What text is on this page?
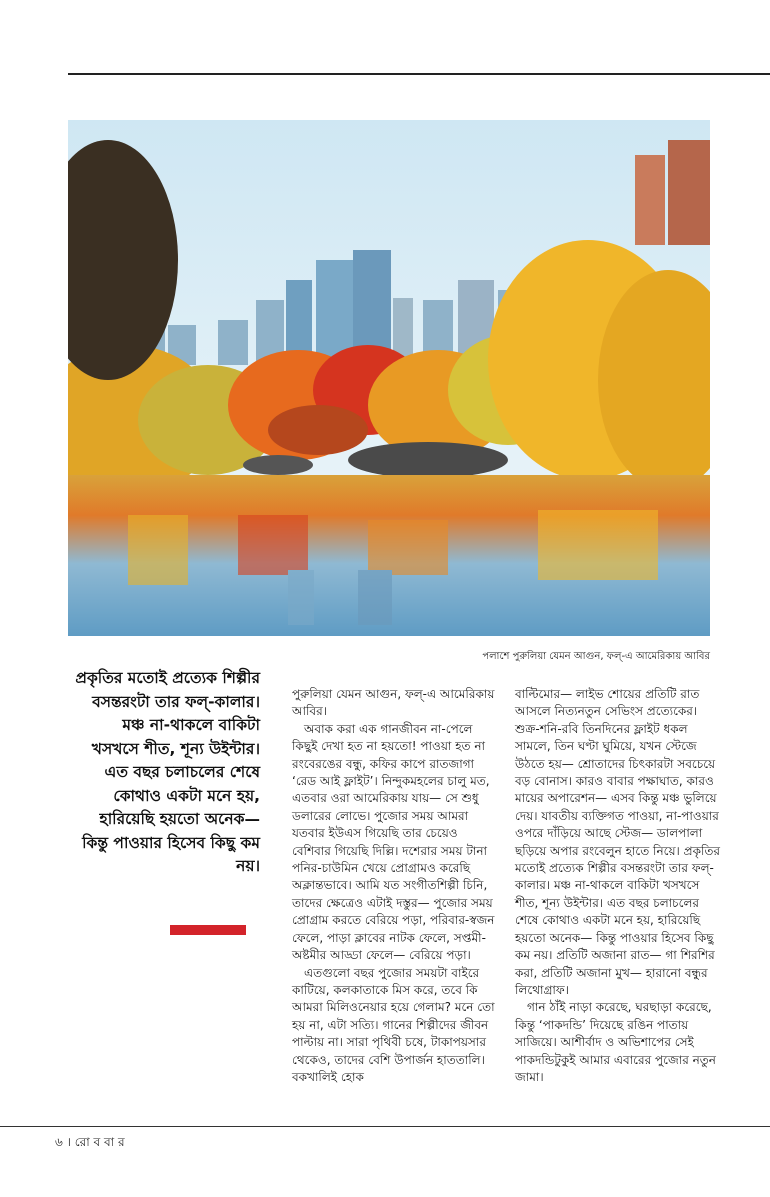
পলাশে পুরুলিয়া যেমন আগুন, ফল্‌-এ আমেরিকায় আবির
প্রকৃতির মতোই প্রত্যেক শিল্পীর বসন্তরংটা তার ফল্‌-কালার। মঞ্চ না-থাকলে বাকিটা খসখসে শীত, শূন্য উইন্টার। এত বছর চলাচলের শেষে কোথাও একটা মনে হয়, হারিয়েছি হয়তো অনেক— কিন্তু পাওয়ার হিসেব কিছু কম নয়।

পুরুলিয়া যেমন আগুন, ফল্‌-এ আমেরিকায় আবির।

অবাক করা এক গানজীবন না-পেলে কিছুই দেখা হত না হয়তো! পাওয়া হত না রংবেরঙের বন্ধু, কফির কাপে রাতজাগা ‘রেড আই ফ্লাইট’। নিন্দুকমহলের চালু মত, এতবার ওরা আমেরিকায় যায়— সে শুধু ডলারের লোভে। পুজোর সময় আমরা যতবার ইউএস গিয়েছি তার চেয়েও বেশিবার গিয়েছি দিল্লি। দশেরার সময় টানা পনির-চাউমিন খেয়ে প্রোগ্রামও করেছি অক্লান্তভাবে। আমি যত সংগীতশিল্পী চিনি, তাদের ক্ষেত্রেও এটাই দস্তুর— পুজোর সময় প্রোগ্রাম করতে বেরিয়ে পড়া, পরিবার-স্বজন ফেলে, পাড়া ক্লাবের নাটক ফেলে, সপ্তমী-অষ্টমীর আড্ডা ফেলে— বেরিয়ে পড়া।

এতগুলো বছর পুজোর সময়টা বাইরে কাটিয়ে, কলকাতাকে মিস করে, তবে কি আমরা মিলিওনেয়ার হয়ে গেলাম? মনে তো হয় না, এটা সত্যি। গানের শিল্পীদের জীবন পাল্টায় না। সারা পৃথিবী চষে, টাকাপয়সার থেকেও, তাদের বেশি উপার্জন হাততালি। বকখালিই হোক

বাল্টিমোর— লাইভ শোয়ের প্রতিটি রাত আসলে নিত্যনতুন সেভিংস প্রত্যেকের। শুক্র-শনি-রবি তিনদিনের ফ্লাইট ধকল সামলে, তিন ঘণ্টা ঘুমিয়ে, যখন স্টেজে উঠতে হয়— শ্রোতাদের চিৎকারটা সবচেয়ে বড় বোনাস। কারও বাবার পক্ষাঘাত, কারও মায়ের অপারেশন— এসব কিন্তু মঞ্চ ভুলিয়ে দেয়। যাবতীয় ব্যক্তিগত পাওয়া, না-পাওয়ার ওপরে দাঁড়িয়ে আছে স্টেজ— ডালপালা ছড়িয়ে অপার রংবেলুন হাতে নিয়ে। প্রকৃতির মতোই প্রত্যেক শিল্পীর বসন্তরংটা তার ফল্‌-কালার। মঞ্চ না-থাকলে বাকিটা খসখসে শীত, শূন্য উইন্টার। এত বছর চলাচলের শেষে কোথাও একটা মনে হয়, হারিয়েছি হয়তো অনেক— কিন্তু পাওয়ার হিসেব কিছু কম নয়। প্রতিটি অজানা রাত— গা শিরশির করা, প্রতিটি অজানা মুখ— হারানো বন্ধুর লিথোগ্রাফ।

গান ঠাঁই নাড়া করেছে, ঘরছাড়া করেছে, কিন্তু ‘পাকদন্ডি’ দিয়েছে রঙিন পাতায় সাজিয়ে। আশীর্বাদ ও অভিশাপের সেই পাকদন্ডিটুকুই আমার এবারের পুজোর নতুন জামা।

৬ । রো ব বা র
